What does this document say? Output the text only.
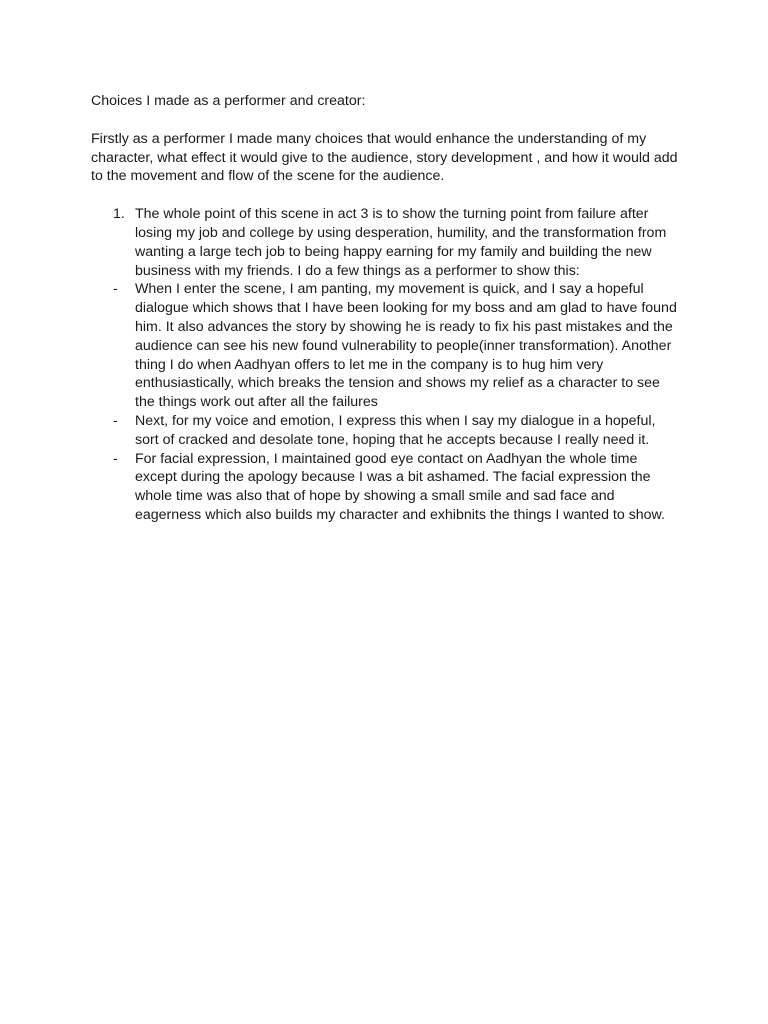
Choices I made as a performer and creator:

Firstly as a performer I made many choices that would enhance the understanding of my character, what effect it would give to the audience, story development , and how it would add to the movement and flow of the scene for the audience.

1. The whole point of this scene in act 3 is to show the turning point from failure after losing my job and college by using desperation, humility, and the transformation from wanting a large tech job to being happy earning for my family and building the new business with my friends. I do a few things as a performer to show this:
- When I enter the scene, I am panting, my movement is quick, and I say a hopeful dialogue which shows that I have been looking for my boss and am glad to have found him. It also advances the story by showing he is ready to fix his past mistakes and the audience can see his new found vulnerability to people(inner transformation). Another thing I do when Aadhyan offers to let me in the company is to hug him very enthusiastically, which breaks the tension and shows my relief as a character to see the things work out after all the failures
- Next, for my voice and emotion, I express this when I say my dialogue in a hopeful, sort of cracked and desolate tone, hoping that he accepts because I really need it.
- For facial expression, I maintained good eye contact on Aadhyan the whole time except during the apology because I was a bit ashamed. The facial expression the whole time was also that of hope by showing a small smile and sad face and eagerness which also builds my character and exhibnits the things I wanted to show.
